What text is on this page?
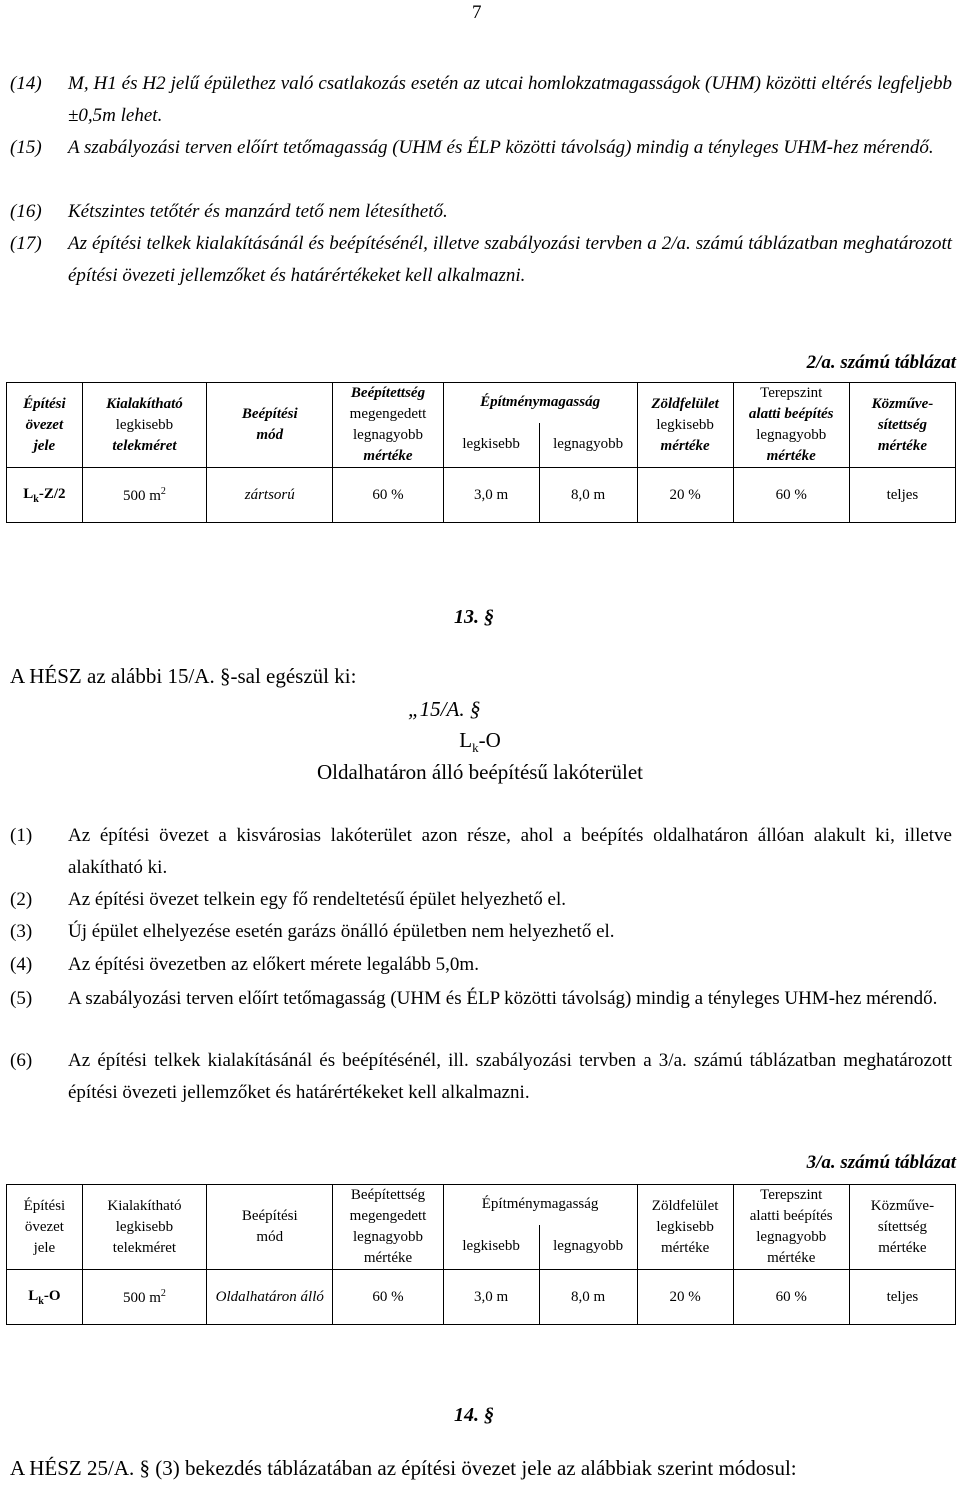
7
(14) M, H1 és H2 jelű épülethez való csatlakozás esetén az utcai homlokzatmagasságok (UHM) közötti eltérés legfeljebb ±0,5m lehet.
(15) A szabályozási terven előírt tetőmagasság (UHM és ÉLP közötti távolság) mindig a tényleges UHM-hez mérendő.
(16) Kétszintes tetőtér és manzárd tető nem létesíthető.
(17) Az építési telkek kialakításánál és beépítésénél, illetve szabályozási tervben a 2/a. számú táblázatban meghatározott építési övezeti jellemzőket és határértékeket kell alkalmazni.
2/a. számú táblázat
Építési
övezet
jele	Kialakítható
legkisebb
telekméret	Beépítési
mód	Beépítettség
megengedett
legnagyobb
mértéke	Építménymagasság		Zöldfelület
legkisebb
mértéke	Terepszint
alatti beépítés
legnagyobb
mértéke	Közműve-
sítettség
mértéke
				legkisebb	legnagyobb			
$L_k-Z/2$	500 $m^2$	zártsorú	60 %	3,0 m	8,0 m	20 %	60 %	teljes
13. §
A HÉSZ az alábbi 15/A. §-sal egészül ki:
„15/A. §
$L_k-O$
Oldalhatáron álló beépítésű lakóterület
(1) Az építési övezet a kisvárosias lakóterület azon része, ahol a beépítés oldalhatáron állóan alakult ki, illetve alakítható ki.
(2) Az építési övezet telkein egy fő rendeltetésű épület helyezhető el.
(3) Új épület elhelyezése esetén garázs önálló épületben nem helyezhető el.
(4) Az építési övezetben az előkert mérete legalább 5,0m.
(5) A szabályozási terven előírt tetőmagasság (UHM és ÉLP közötti távolság) mindig a tényleges UHM-hez mérendő.
(6) Az építési telkek kialakításánál és beépítésénél, ill. szabályozási tervben a 3/a. számú táblázatban meghatározott építési övezeti jellemzőket és határértékeket kell alkalmazni.
3/a. számú táblázat
Építési
övezet
jele	Kialakítható
legkisebb
telekméret	Beépítési
mód	Beépítettség
megengedett
legnagyobb
mértéke	Építménymagasság		Zöldfelület
legkisebb
mértéke	Terepszint
alatti beépítés
legnagyobb
mértéke	Közműve-
sítettség
mértéke
				legkisebb	legnagyobb			
$L_k-O$	500 $m^2$	Oldalhatáron álló	60 %	3,0 m	8,0 m	20 %	60 %	teljes
14. §
A HÉSZ 25/A. § (3) bekezdés táblázatában az építési övezet jele az alábbiak szerint módosul:
